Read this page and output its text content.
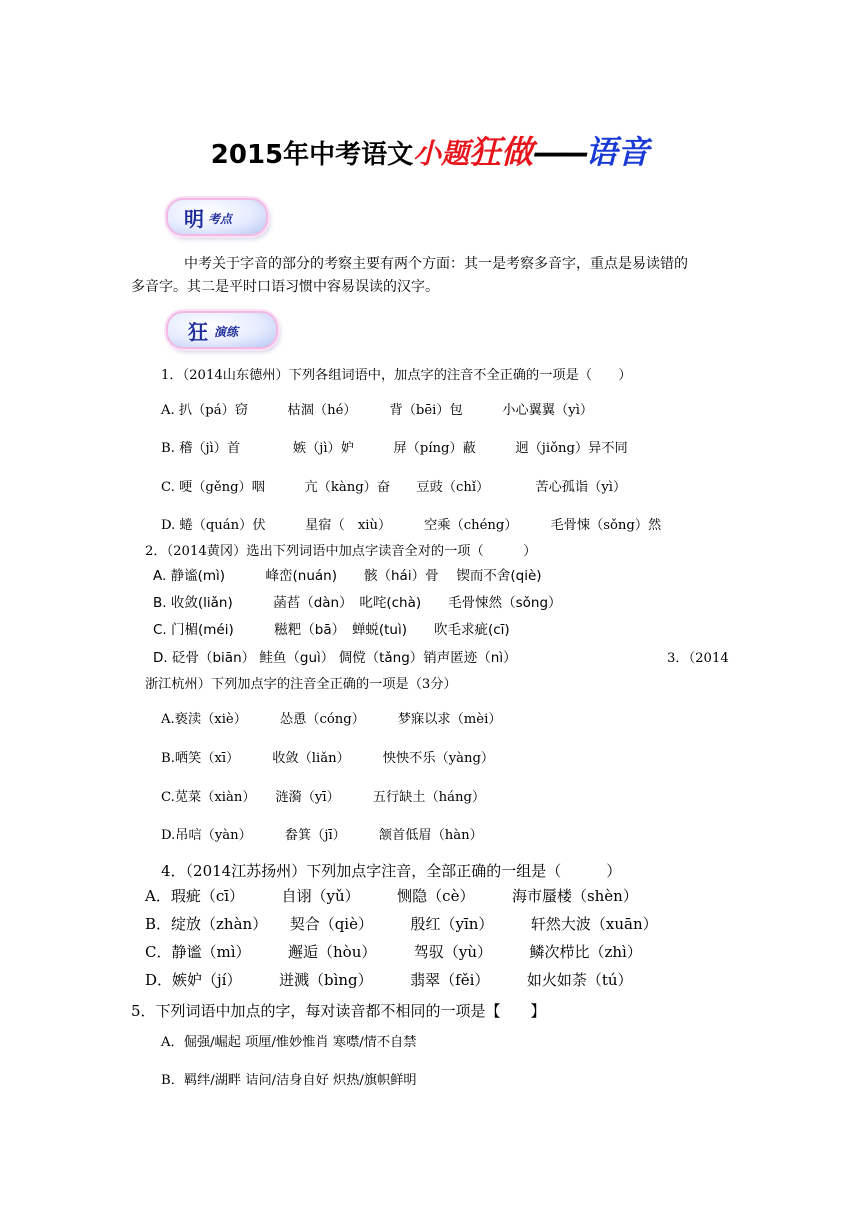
2015年中考语文小题狂做——语音
明 考点
中考关于字音的部分的考察主要有两个方面：其一是考察多音字，重点是易读错的
多音字。其二是平时口语习惯中容易误读的汉字。
狂 演练
1．（2014山东德州）下列各组词语中，加点字的注音不全正确的一项是（　　）
A. 扒（pá）窃　　　枯涸（hé）　　　背（bēi）包　　　小心翼翼（yì）
B. 稽（jì）首　　　　嫉（jì）妒　　　屏（píng）蔽　　　迥（jiǒng）异不同
C. 哽（gěng）咽　　　亢（kàng）奋　　豆豉（chǐ）　　　　苦心孤诣（yì）
D. 蜷（quán）伏　　　星宿（　xiù）　　　空乘（chéng）　　　毛骨悚（sǒng）然
2．（2014黄冈）选出下列词语中加点字读音全对的一项（　　　）
A. 静谧(mì)　　　峰峦(nuán)　　骸（hái）骨　 锲而不舍(qiè)
B. 收敛(liǎn)　　　菡萏（dàn）　叱咤(chà)　　毛骨悚然（sǒng）
C. 门楣(méi)　　　糍粑（bā）　蝉蜕(tuì)　　吹毛求疵(cī)
D. 砭骨（biān） 鲑鱼（guì） 倜傥（tǎng）销声匿迹（nì）	3．（2014
浙江杭州）下列加点字的注音全正确的一项是（3分）
A.亵渎（xiè）　　　怂恿（cóng）　　　梦寐以求（mèi）
B.哂笑（xī）　　　收敛（liǎn）　　　怏怏不乐（yàng）
C.苋菜（xiàn）　　涟漪（yī）　　　五行缺土（háng）
D.吊唁（yàn）　　　畚箕（jī）　　　颔首低眉（hàn）
4．（2014江苏扬州）下列加点字注音，全部正确的一组是（　　　）
A．瑕疵（cī）　　　自诩（yǔ）　　　恻隐（cè）　　　海市蜃楼（shèn）
B．绽放（zhàn）　　契合（qiè）　　　殷红（yīn）　　　轩然大波（xuān）
C．静谧（mì）　　　邂逅（hòu）　　　驾驭（yù）　　　鳞次栉比（zhì）
D．嫉妒（jí）　　　迸溅（bìng）　　　翡翠（fěi）　　　如火如荼（tú）
5．下列词语中加点的字，每对读音都不相同的一项是【　　】
A．倔强/崛起 项厘/惟妙惟肖 寒噤/情不自禁
B．羁绊/湖畔 诘问/洁身自好 炽热/旗帜鲜明
